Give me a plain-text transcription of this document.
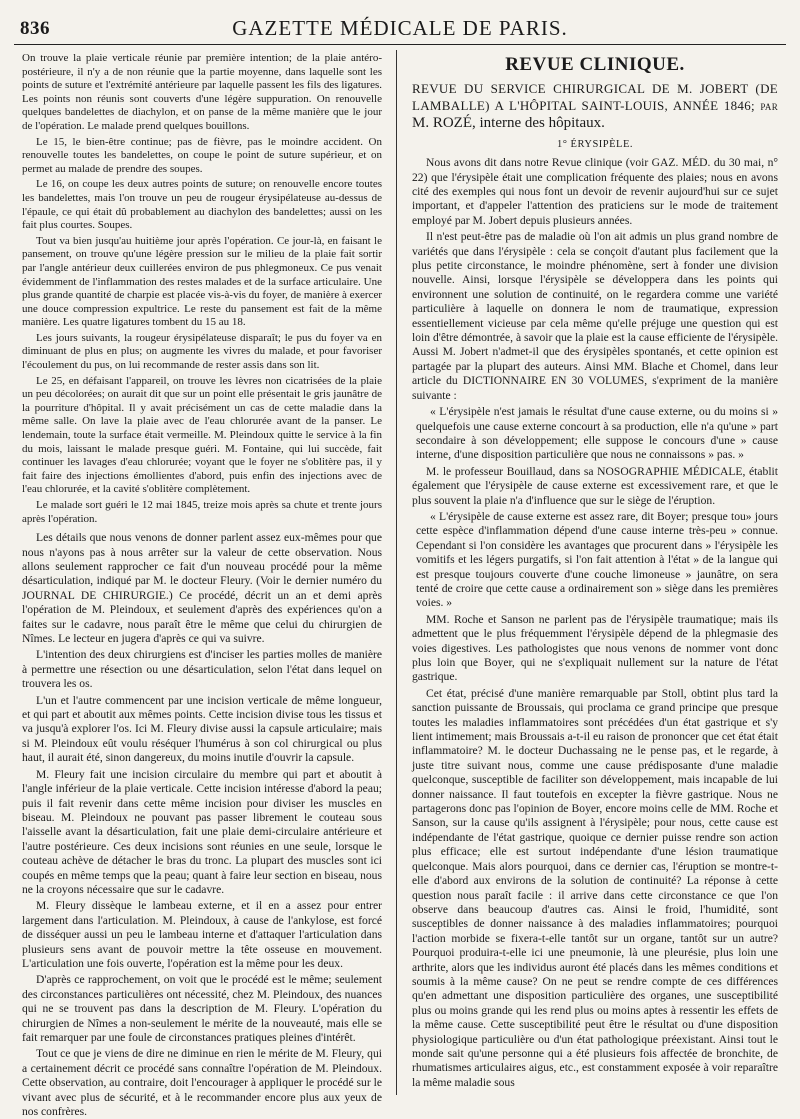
836	GAZETTE MÉDICALE DE PARIS.

On trouve la plaie verticale réunie par première intention; de la plaie antéro-postérieure, il n'y a de non réunie que la partie moyenne, dans laquelle sont les points de suture et l'extrémité antérieure par laquelle passent les fils des ligatures. Les points non réunis sont couverts d'une légère suppuration. On renouvelle quelques bandelettes de diachylon, et on panse de la même manière que le jour de l'opération. Le malade prend quelques bouillons.

Le 15, le bien-être continue; pas de fièvre, pas le moindre accident. On renouvelle toutes les bandelettes, on coupe le point de suture supérieur, et on permet au malade de prendre des soupes.

Le 16, on coupe les deux autres points de suture; on renouvelle encore toutes les bandelettes, mais l'on trouve un peu de rougeur érysipélateuse au-dessus de l'épaule, ce qui était dû probablement au diachylon des bandelettes; aussi on les fait plus courtes. Soupes.

Tout va bien jusqu'au huitième jour après l'opération. Ce jour-là, en faisant le pansement, on trouve qu'une légère pression sur le milieu de la plaie fait sortir par l'angle antérieur deux cuillerées environ de pus phlegmoneux. Ce pus venait évidemment de l'inflammation des restes malades et de la surface articulaire. Une plus grande quantité de charpie est placée vis-à-vis du foyer, de manière à exercer une douce compression expultrice. Le reste du pansement est fait de la même manière. Les quatre ligatures tombent du 15 au 18.

Les jours suivants, la rougeur érysipélateuse disparaît; le pus du foyer va en diminuant de plus en plus; on augmente les vivres du malade, et pour favoriser l'écoulement du pus, on lui recommande de rester assis dans son lit.

Le 25, en défaisant l'appareil, on trouve les lèvres non cicatrisées de la plaie un peu décolorées; on aurait dit que sur un point elle présentait le gris jaunâtre de la pourriture d'hôpital. Il y avait précisément un cas de cette maladie dans la même salle. On lave la plaie avec de l'eau chlorurée avant de la panser. Le lendemain, toute la surface était vermeille. M. Pleindoux quitte le service à la fin du mois, laissant le malade presque guéri. M. Fontaine, qui lui succède, fait continuer les lavages d'eau chlorurée; voyant que le foyer ne s'oblitère pas, il y fait faire des injections émollientes d'abord, puis enfin des injections avec de l'eau chlorurée, et la cavité s'oblitère complètement.

Le malade sort guéri le 12 mai 1845, treize mois après sa chute et trente jours après l'opération.

Les détails que nous venons de donner parlent assez eux-mêmes pour que nous n'ayons pas à nous arrêter sur la valeur de cette observation. Nous allons seulement rapprocher ce fait d'un nouveau procédé pour la même désarticulation, indiqué par M. le docteur Fleury. (Voir le dernier numéro du JOURNAL DE CHIRURGIE.) Ce procédé, décrit un an et demi après l'opération de M. Pleindoux, et seulement d'après des expériences qu'on a faites sur le cadavre, nous paraît être le même que celui du chirurgien de Nîmes. Le lecteur en jugera d'après ce qui va suivre.

L'intention des deux chirurgiens est d'inciser les parties molles de manière à permettre une résection ou une désarticulation, selon l'état dans lequel on trouvera les os.

L'un et l'autre commencent par une incision verticale de même longueur, et qui part et aboutit aux mêmes points. Cette incision divise tous les tissus et va jusqu'à explorer l'os. Ici M. Fleury divise aussi la capsule articulaire; mais si M. Pleindoux eût voulu réséquer l'humérus à son col chirurgical ou plus haut, il aurait été, sinon dangereux, du moins inutile d'ouvrir la capsule.

M. Fleury fait une incision circulaire du membre qui part et aboutit à l'angle inférieur de la plaie verticale. Cette incision intéresse d'abord la peau; puis il fait revenir dans cette même incision pour diviser les muscles en biseau. M. Pleindoux ne pouvant pas passer librement le couteau sous l'aisselle avant la désarticulation, fait une plaie demi-circulaire antérieure et l'autre postérieure. Ces deux incisions sont réunies en une seule, lorsque le couteau achève de détacher le bras du tronc. La plupart des muscles sont ici coupés en même temps que la peau; quant à faire leur section en biseau, nous ne la croyons nécessaire que sur le cadavre.

M. Fleury dissèque le lambeau externe, et il en a assez pour entrer largement dans l'articulation. M. Pleindoux, à cause de l'ankylose, est forcé de disséquer aussi un peu le lambeau interne et d'attaquer l'articulation dans plusieurs sens avant de pouvoir mettre la tête osseuse en mouvement. L'articulation une fois ouverte, l'opération est la même pour les deux.

D'après ce rapprochement, on voit que le procédé est le même; seulement des circonstances particulières ont nécessité, chez M. Pleindoux, des nuances qui ne se trouvent pas dans la description de M. Fleury. L'opération du chirurgien de Nîmes a non-seulement le mérite de la nouveauté, mais elle se fait remarquer par une foule de circonstances pratiques pleines d'intérêt.

Tout ce que je viens de dire ne diminue en rien le mérite de M. Fleury, qui a certainement décrit ce procédé sans connaître l'opération de M. Pleindoux. Cette observation, au contraire, doit l'encourager à appliquer le procédé sur le vivant avec plus de sécurité, et à le recommander encore plus aux yeux de nos confrères.

REVUE CLINIQUE.
REVUE DU SERVICE CHIRURGICAL DE M. JOBERT (DE LAMBALLE) A L'HÔPITAL SAINT-LOUIS, ANNÉE 1846; par M. ROZÉ, interne des hôpitaux.
1° ÉRYSIPÈLE.

Nous avons dit dans notre Revue clinique (voir GAZ. MÉD. du 30 mai, n° 22) que l'érysipèle était une complication fréquente des plaies; nous en avons cité des exemples qui nous font un devoir de revenir aujourd'hui sur ce sujet important, et d'appeler l'attention des praticiens sur le mode de traitement employé par M. Jobert depuis plusieurs années.

Il n'est peut-être pas de maladie où l'on ait admis un plus grand nombre de variétés que dans l'érysipèle : cela se conçoit d'autant plus facilement que la plus petite circonstance, le moindre phénomène, sert à fonder une division nouvelle. Ainsi, lorsque l'érysipèle se développera dans les points qui environnent une solution de continuité, on le regardera comme une variété particulière à laquelle on donnera le nom de traumatique, expression essentiellement vicieuse par cela même qu'elle préjuge une question qui est loin d'être démontrée, à savoir que la plaie est la cause efficiente de l'érysipèle. Aussi M. Jobert n'admet-il que des érysipèles spontanés, et cette opinion est partagée par la plupart des auteurs. Ainsi MM. Blache et Chomel, dans leur article du DICTIONNAIRE EN 30 VOLUMES, s'expriment de la manière suivante :

« L'érysipèle n'est jamais le résultat d'une cause externe, ou du moins si » quelquefois une cause externe concourt à sa production, elle n'a qu'une » part secondaire à son développement; elle suppose le concours d'une » cause interne, d'une disposition particulière que nous ne connaissons » pas. »

M. le professeur Bouillaud, dans sa NOSOGRAPHIE MÉDICALE, établit également que l'érysipèle de cause externe est excessivement rare, et que le plus souvent la plaie n'a d'influence que sur le siège de l'éruption.

« L'érysipèle de cause externe est assez rare, dit Boyer; presque tou» jours cette espèce d'inflammation dépend d'une cause interne très-peu » connue. Cependant si l'on considère les avantages que procurent dans » l'érysipèle les vomitifs et les légers purgatifs, si l'on fait attention à l'état » de la langue qui est presque toujours couverte d'une couche limoneuse » jaunâtre, on sera tenté de croire que cette cause a ordinairement son » siège dans les premières voies. »

MM. Roche et Sanson ne parlent pas de l'érysipèle traumatique; mais ils admettent que le plus fréquemment l'érysipèle dépend de la phlegmasie des voies digestives. Les pathologistes que nous venons de nommer vont donc plus loin que Boyer, qui ne s'expliquait nullement sur la nature de l'état gastrique.

Cet état, précisé d'une manière remarquable par Stoll, obtint plus tard la sanction puissante de Broussais, qui proclama ce grand principe que presque toutes les maladies inflammatoires sont précédées d'un état gastrique et s'y lient intimement; mais Broussais a-t-il eu raison de prononcer que cet état était inflammatoire? M. le docteur Duchassaing ne le pense pas, et le regarde, à juste titre suivant nous, comme une cause prédisposante d'une maladie quelconque, susceptible de faciliter son développement, mais incapable de lui donner naissance. Il faut toutefois en excepter la fièvre gastrique. Nous ne partagerons donc pas l'opinion de Boyer, encore moins celle de MM. Roche et Sanson, sur la cause qu'ils assignent à l'érysipèle; pour nous, cette cause est indépendante de l'état gastrique, quoique ce dernier puisse rendre son action plus efficace; elle est surtout indépendante d'une lésion traumatique quelconque. Mais alors pourquoi, dans ce dernier cas, l'éruption se montre-t-elle d'abord aux environs de la solution de continuité? La réponse à cette question nous paraît facile : il arrive dans cette circonstance ce que l'on observe dans beaucoup d'autres cas. Ainsi le froid, l'humidité, sont susceptibles de donner naissance à des maladies inflammatoires; pourquoi l'action morbide se fixera-t-elle tantôt sur un organe, tantôt sur un autre? Pourquoi produira-t-elle ici une pneumonie, là une pleurésie, plus loin une arthrite, alors que les individus auront été placés dans les mêmes conditions et soumis à la même cause? On ne peut se rendre compte de ces différences qu'en admettant une disposition particulière des organes, une susceptibilité plus ou moins grande qui les rend plus ou moins aptes à ressentir les effets de la même cause. Cette susceptibilité peut être le résultat ou d'une disposition physiologique particulière ou d'un état pathologique préexistant. Ainsi tout le monde sait qu'une personne qui a été plusieurs fois affectée de bronchite, de rhumatismes articulaires aigus, etc., est constamment exposée à voir reparaître la même maladie sous
